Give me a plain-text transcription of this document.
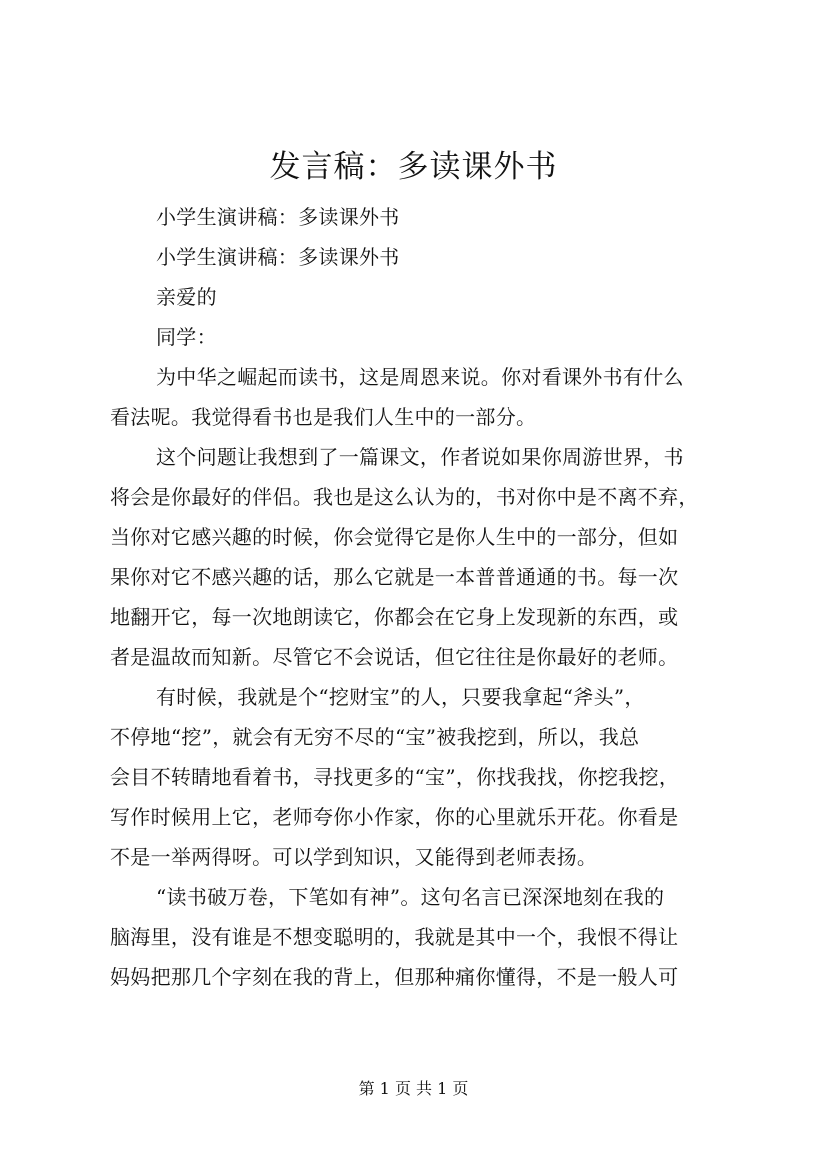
发言稿：多读课外书

小学生演讲稿：多读课外书

小学生演讲稿：多读课外书

亲爱的

同学：

为中华之崛起而读书，这是周恩来说。你对看课外书有什么

看法呢。我觉得看书也是我们人生中的一部分。

这个问题让我想到了一篇课文，作者说如果你周游世界，书

将会是你最好的伴侣。我也是这么认为的，书对你中是不离不弃，

当你对它感兴趣的时候，你会觉得它是你人生中的一部分，但如

果你对它不感兴趣的话，那么它就是一本普普通通的书。每一次

地翻开它，每一次地朗读它，你都会在它身上发现新的东西，或

者是温故而知新。尽管它不会说话，但它往往是你最好的老师。

有时候，我就是个“挖财宝”的人，只要我拿起“斧头”，

不停地“挖”，就会有无穷不尽的“宝”被我挖到，所以，我总

会目不转睛地看着书，寻找更多的“宝”，你找我找，你挖我挖，

写作时候用上它，老师夸你小作家，你的心里就乐开花。你看是

不是一举两得呀。可以学到知识，又能得到老师表扬。

“读书破万卷，下笔如有神”。这句名言已深深地刻在我的

脑海里，没有谁是不想变聪明的，我就是其中一个，我恨不得让

妈妈把那几个字刻在我的背上，但那种痛你懂得，不是一般人可

第 1 页 共 1 页
